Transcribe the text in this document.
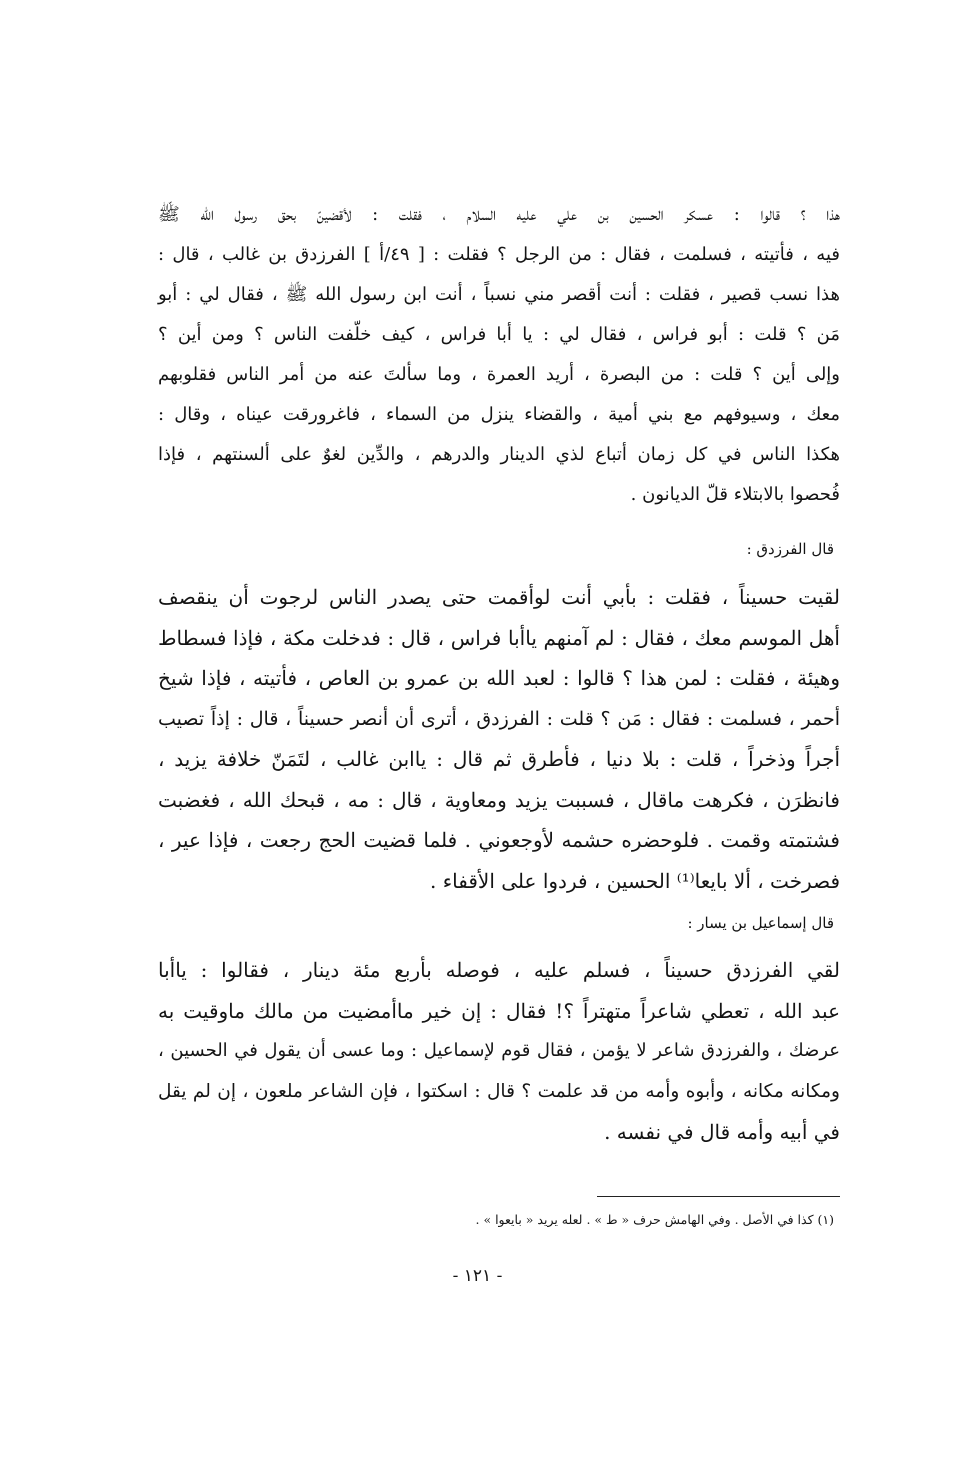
هذا ؟ قالوا : عسكر الحسين بن علي عليه السلام ، فقلت : لأقضينّ بحق رسول الله ﷺ
فيه ، فأتيته ، فسلمت ، فقال : من الرجل ؟ فقلت : [ ٤٩/أ ] الفرزدق بن غالب ، قال :
هذا نسب قصير ، فقلت : أنت أقصر مني نسباً ، أنت ابن رسول الله ﷺ ، فقال لي : أبو
مَن ؟ قلت : أبو فراس ، فقال لي : يا أبا فراس ، كيف خلّفت الناس ؟ ومن أين ؟
وإلى أين ؟ قلت : من البصرة ، أريد العمرة ، وما سألتَ عنه من أمر الناس فقلوبهم
معك ، وسيوفهم مع بني أمية ، والقضاء ينزل من السماء ، فاغرورقت عيناه ، وقال :
هكذا الناس في كل زمان أتباع لذي الدينار والدرهم ، والدِّين لغوٌ على ألسنتهم ، فإذا
فُحصوا بالابتلاء قلّ الديانون .
قال الفرزدق :
لقيت حسيناً ، فقلت : بأبي أنت لوأقمت حتى يصدر الناس لرجوت أن ينقصف
أهل الموسم معك ، فقال : لم آمنهم ياأبا فراس ، قال : فدخلت مكة ، فإذا فسطاط
وهيئة ، فقلت : لمن هذا ؟ قالوا : لعبد الله بن عمرو بن العاص ، فأتيته ، فإذا شيخ
أحمر ، فسلمت : فقال : مَن ؟ قلت : الفرزدق ، أترى أن أنصر حسيناً ، قال : إذاً تصيب
أجراً وذخراً ، قلت : بلا دنيا ، فأطرق ثم قال : ياابن غالب ، لتَمَنّ خلافة يزيد ،
فانظرَن ، فكرهت ماقال ، فسببت يزيد ومعاوية ، قال : مه ، قبحك الله ، فغضبت
فشتمته وقمت . فلوحضره حشمه لأوجعوني . فلما قضيت الحج رجعت ، فإذا عير ،
فصرخت ، ألا بايعا⁽¹⁾ الحسين ، فردوا على الأقفاء .
قال إسماعيل بن يسار :
لقي الفرزدق حسيناً ، فسلم عليه ، فوصله بأربع مئة دينار ، فقالوا : ياأبا
عبد الله ، تعطي شاعراً متهتراً ؟! فقال : إن خير ماأمضيت من مالك ماوقيت به
عرضك ، والفرزدق شاعر لا يؤمن ، فقال قوم لإسماعيل : وما عسى أن يقول في الحسين ،
ومكانه مكانه ، وأبوه وأمه من قد علمت ؟ قال : اسكتوا ، فإن الشاعر ملعون ، إن لم يقل
في أبيه وأمه قال في نفسه .
(١) كذا في الأصل . وفي الهامش حرف « ط » . لعله يريد « بايعوا » .
- ١٢١ -
